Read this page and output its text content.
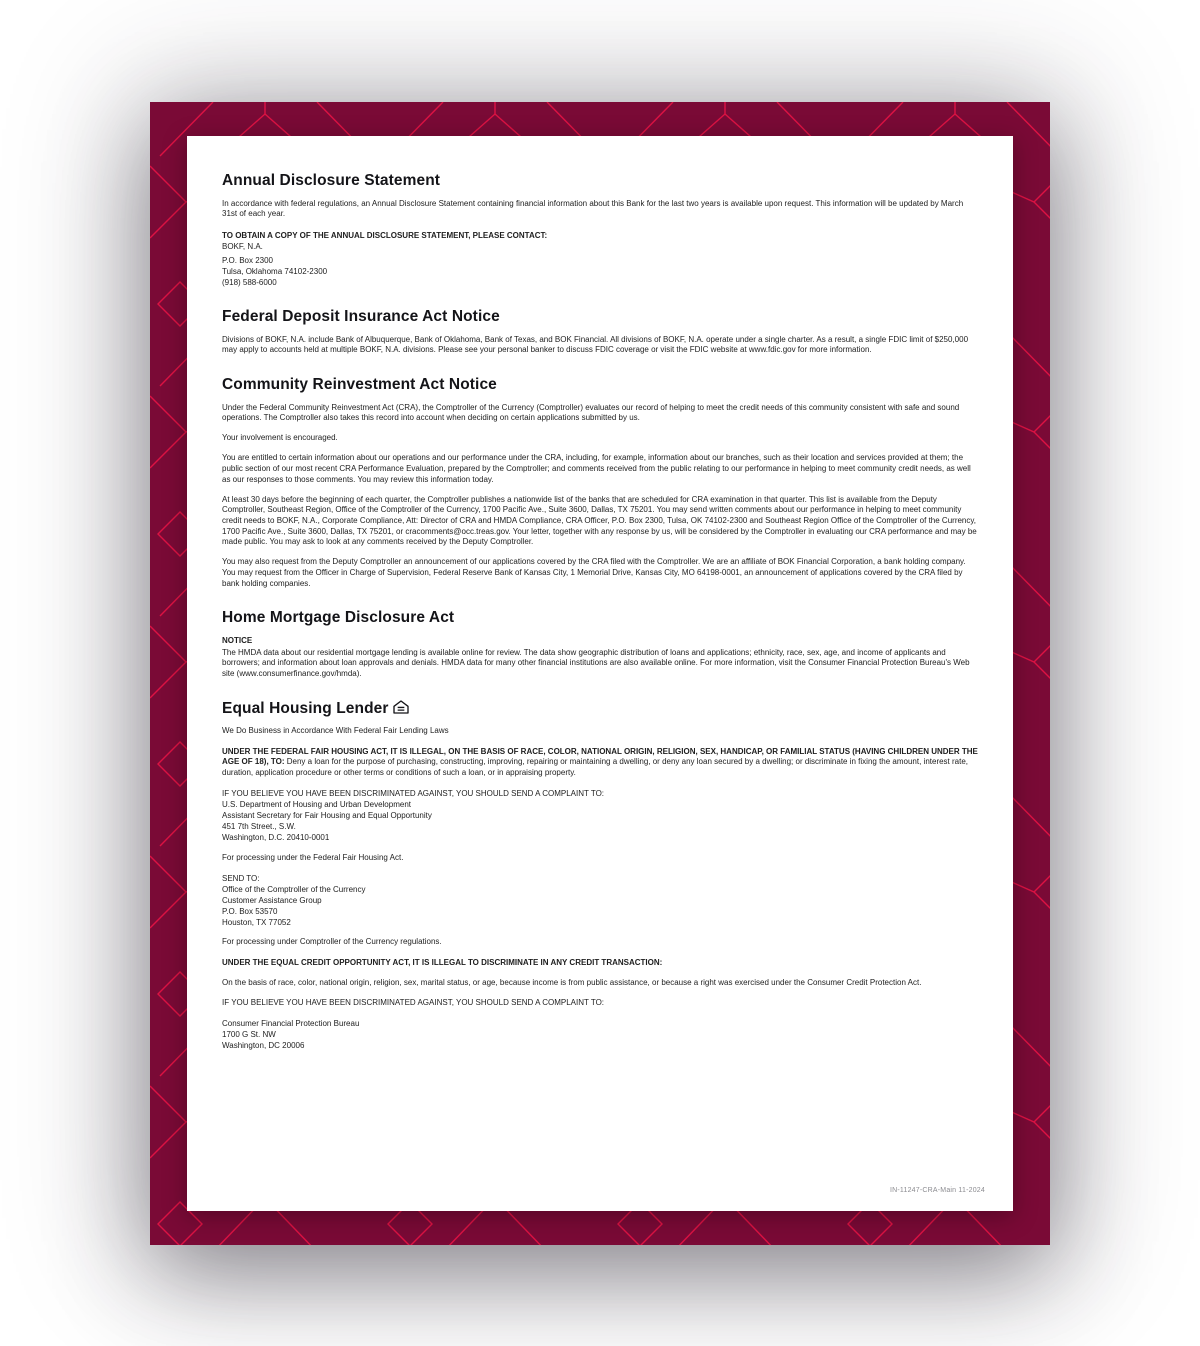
Annual Disclosure Statement

In accordance with federal regulations, an Annual Disclosure Statement containing financial information about this Bank for the last two years is available upon request. This information will be updated by March 31st of each year.

TO OBTAIN A COPY OF THE ANNUAL DISCLOSURE STATEMENT, PLEASE CONTACT:
BOKF, N.A.
P.O. Box 2300
Tulsa, Oklahoma 74102-2300
(918) 588-6000
Federal Deposit Insurance Act Notice

Divisions of BOKF, N.A. include Bank of Albuquerque, Bank of Oklahoma, Bank of Texas, and BOK Financial. All divisions of BOKF, N.A. operate under a single charter. As a result, a single FDIC limit of $250,000 may apply to accounts held at multiple BOKF, N.A. divisions. Please see your personal banker to discuss FDIC coverage or visit the FDIC website at www.fdic.gov for more information.

Community Reinvestment Act Notice

Under the Federal Community Reinvestment Act (CRA), the Comptroller of the Currency (Comptroller) evaluates our record of helping to meet the credit needs of this community consistent with safe and sound operations. The Comptroller also takes this record into account when deciding on certain applications submitted by us.

Your involvement is encouraged.

You are entitled to certain information about our operations and our performance under the CRA, including, for example, information about our branches, such as their location and services provided at them; the public section of our most recent CRA Performance Evaluation, prepared by the Comptroller; and comments received from the public relating to our performance in helping to meet community credit needs, as well as our responses to those comments. You may review this information today.

At least 30 days before the beginning of each quarter, the Comptroller publishes a nationwide list of the banks that are scheduled for CRA examination in that quarter. This list is available from the Deputy Comptroller, Southeast Region, Office of the Comptroller of the Currency, 1700 Pacific Ave., Suite 3600, Dallas, TX 75201. You may send written comments about our performance in helping to meet community credit needs to BOKF, N.A., Corporate Compliance, Att: Director of CRA and HMDA Compliance, CRA Officer, P.O. Box 2300, Tulsa, OK 74102-2300 and Southeast Region Office of the Comptroller of the Currency, 1700 Pacific Ave., Suite 3600, Dallas, TX 75201, or cracomments@occ.treas.gov. Your letter, together with any response by us, will be considered by the Comptroller in evaluating our CRA performance and may be made public. You may ask to look at any comments received by the Deputy Comptroller.

You may also request from the Deputy Comptroller an announcement of our applications covered by the CRA filed with the Comptroller. We are an affiliate of BOK Financial Corporation, a bank holding company. You may request from the Officer in Charge of Supervision, Federal Reserve Bank of Kansas City, 1 Memorial Drive, Kansas City, MO 64198-0001, an announcement of applications covered by the CRA filed by bank holding companies.

Home Mortgage Disclosure Act
NOTICE

The HMDA data about our residential mortgage lending is available online for review. The data show geographic distribution of loans and applications; ethnicity, race, sex, age, and income of applicants and borrowers; and information about loan approvals and denials. HMDA data for many other financial institutions are also available online. For more information, visit the Consumer Financial Protection Bureau's Web site (www.consumerfinance.gov/hmda).

Equal Housing Lender

We Do Business in Accordance With Federal Fair Lending Laws

UNDER THE FEDERAL FAIR HOUSING ACT, IT IS ILLEGAL, ON THE BASIS OF RACE, COLOR, NATIONAL ORIGIN, RELIGION, SEX, HANDICAP, OR FAMILIAL STATUS (HAVING CHILDREN UNDER THE AGE OF 18), TO: Deny a loan for the purpose of purchasing, constructing, improving, repairing or maintaining a dwelling, or deny any loan secured by a dwelling; or discriminate in fixing the amount, interest rate, duration, application procedure or other terms or conditions of such a loan, or in appraising property.

IF YOU BELIEVE YOU HAVE BEEN DISCRIMINATED AGAINST, YOU SHOULD SEND A COMPLAINT TO:
U.S. Department of Housing and Urban Development
Assistant Secretary for Fair Housing and Equal Opportunity
451 7th Street., S.W.
Washington, D.C. 20410-0001

For processing under the Federal Fair Housing Act.

SEND TO:
Office of the Comptroller of the Currency
Customer Assistance Group
P.O. Box 53570
Houston, TX 77052

For processing under Comptroller of the Currency regulations.

UNDER THE EQUAL CREDIT OPPORTUNITY ACT, IT IS ILLEGAL TO DISCRIMINATE IN ANY CREDIT TRANSACTION:

On the basis of race, color, national origin, religion, sex, marital status, or age, because income is from public assistance, or because a right was exercised under the Consumer Credit Protection Act.

IF YOU BELIEVE YOU HAVE BEEN DISCRIMINATED AGAINST, YOU SHOULD SEND A COMPLAINT TO:

Consumer Financial Protection Bureau
1700 G St. NW
Washington, DC 20006
IN-11247-CRA-Main 11-2024
